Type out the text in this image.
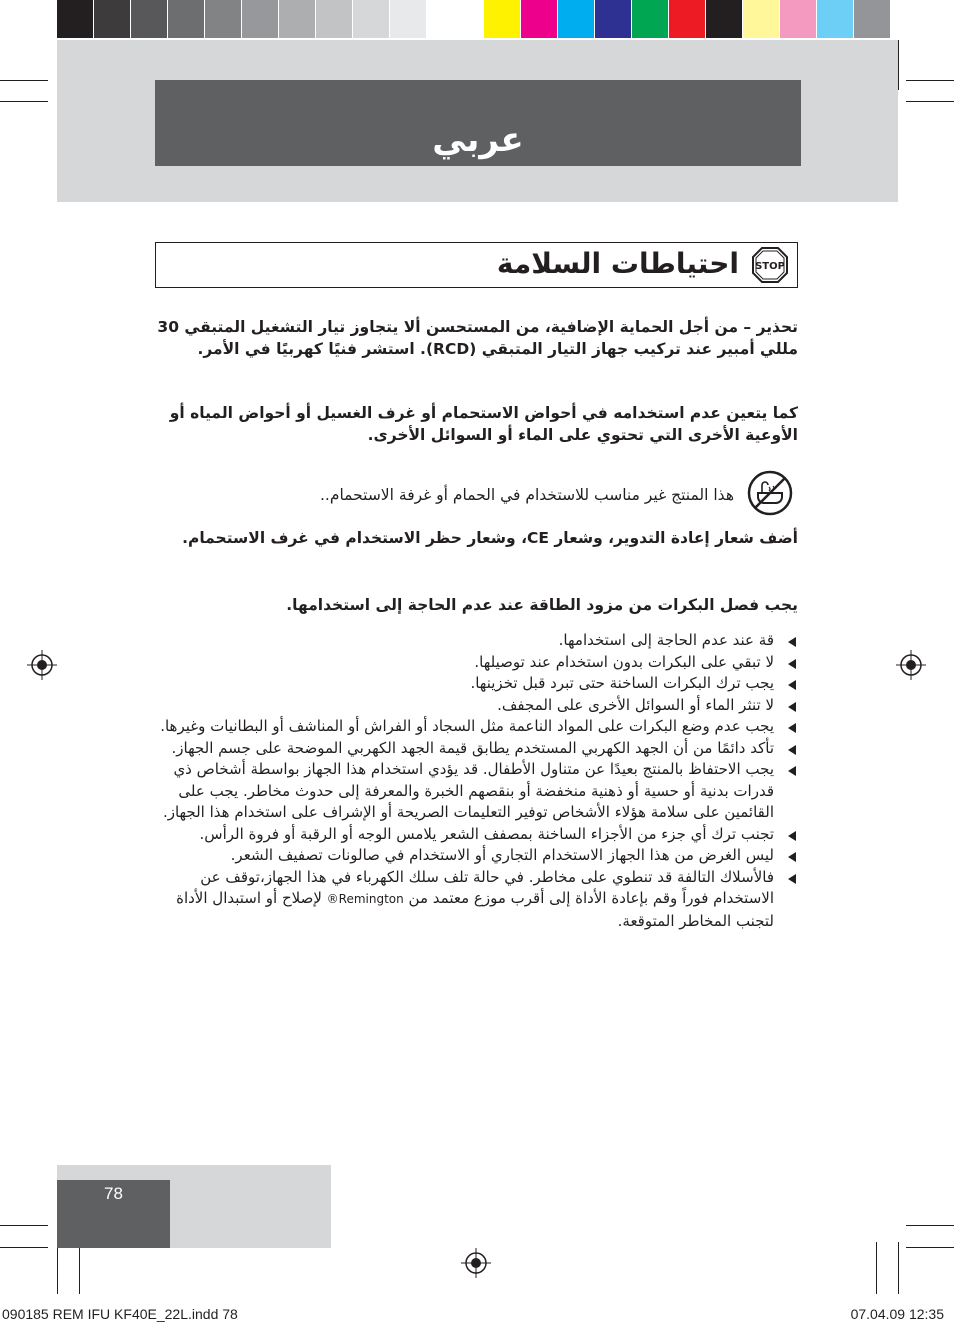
عربي
احتياطات السلامة STOP
تحذير – من أجل الحماية الإضافية، من المستحسن ألا يتجاوز تيار التشغيل المتبقي 30 مللي أمبير عند تركيب جهاز التيار المتبقي (RCD). استشر فنيًا كهربيًا في الأمر.
كما يتعين عدم استخدامه في أحواض الاستحمام أو غرف الغسيل أو أحواض المياه أو الأوعية الأخرى التي تحتوي على الماء أو السوائل الأخرى.
هذا المنتج غير مناسب للاستخدام في الحمام أو غرفة الاستحمام..
أضف شعار إعادة التدوير، وشعار CE، وشعار حظر الاستخدام في غرف الاستحمام.
يجب فصل البكرات من مزود الطاقة عند عدم الحاجة إلى استخدامها.
قة عند عدم الحاجة إلى استخدامها.
لا تبقي على البكرات بدون استخدام عند توصيلها.
يجب ترك البكرات الساخنة حتى تبرد قبل تخزينها.
لا تنثر الماء أو السوائل الأخرى على المجفف.
يجب عدم وضع البكرات على المواد الناعمة مثل السجاد أو الفراش أو المناشف أو البطانيات وغيرها.
تأكد دائمًا من أن الجهد الكهربي المستخدم يطابق قيمة الجهد الكهربي الموضحة على جسم الجهاز.
يجب الاحتفاظ بالمنتج بعيدًا عن متناول الأطفال. قد يؤدي استخدام هذا الجهاز بواسطة أشخاص ذي قدرات بدنية أو حسية أو ذهنية منخفضة أو بنقصهم الخبرة والمعرفة إلى حدوث مخاطر. يجب على القائمين على سلامة هؤلاء الأشخاص توفير التعليمات الصريحة أو الإشراف على استخدام هذا الجهاز.
تجنب ترك أي جزء من الأجزاء الساخنة بمصفف الشعر يلامس الوجه أو الرقبة أو فروة الرأس.
ليس الغرض من هذا الجهاز الاستخدام التجاري أو الاستخدام في صالونات تصفيف الشعر.
فالأسلاك التالفة قد تنطوي على مخاطر. في حالة تلف سلك الكهرباء في هذا الجهاز،توقف عن الاستخدام فوراً وقم بإعادة الأداة إلى أقرب موزع معتمد من ®Remington لإصلاح أو استبدال الأداة لتجنب المخاطر المتوقعة.
78
090185 REM IFU KF40E_22L.indd 78	07.04.09 12:35
